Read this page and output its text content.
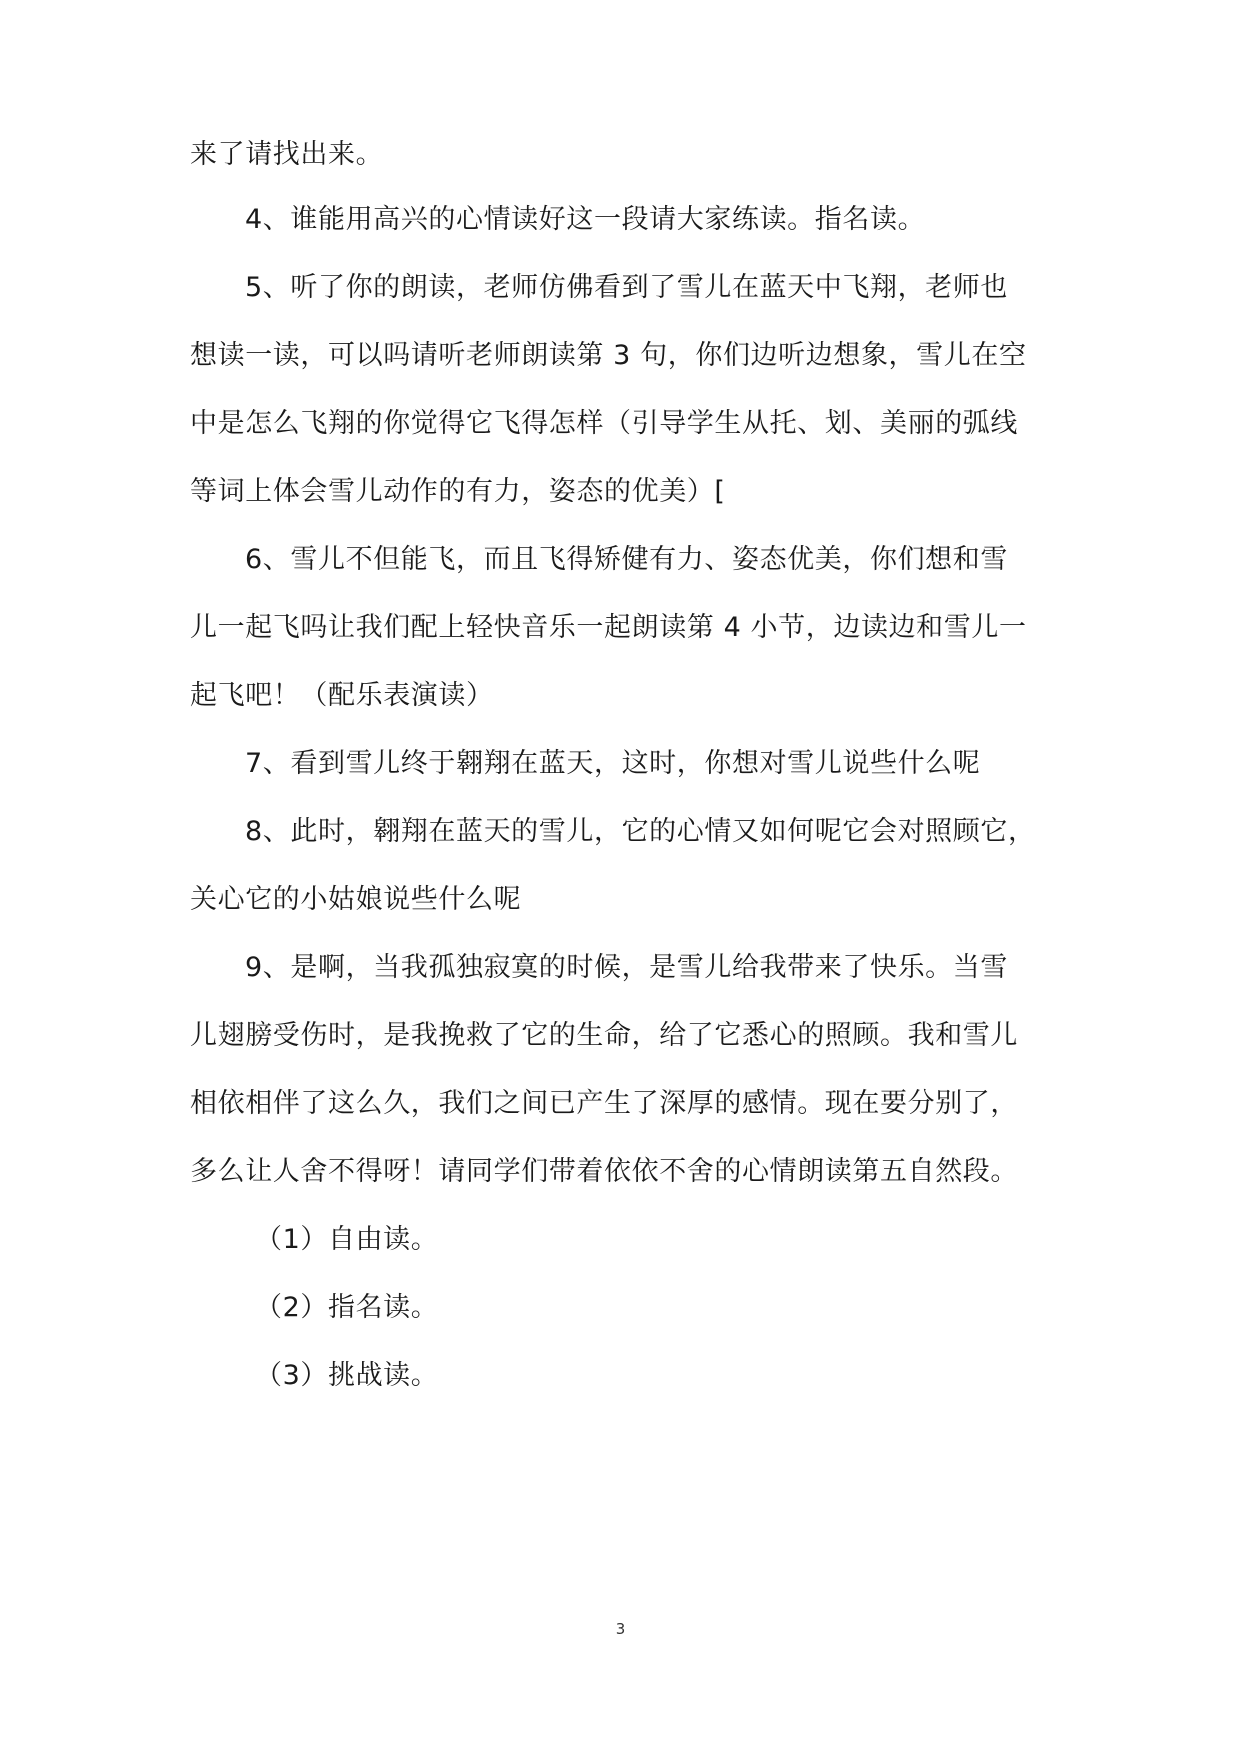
来了请找出来。
4、谁能用高兴的心情读好这一段请大家练读。指名读。
5、听了你的朗读，老师仿佛看到了雪儿在蓝天中飞翔，老师也
想读一读，可以吗请听老师朗读第 3 句，你们边听边想象，雪儿在空
中是怎么飞翔的你觉得它飞得怎样（引导学生从托、划、美丽的弧线
等词上体会雪儿动作的有力，姿态的优美）[
6、雪儿不但能飞，而且飞得矫健有力、姿态优美，你们想和雪
儿一起飞吗让我们配上轻快音乐一起朗读第 4 小节，边读边和雪儿一
起飞吧！（配乐表演读）
7、看到雪儿终于翱翔在蓝天，这时，你想对雪儿说些什么呢
8、此时，翱翔在蓝天的雪儿，它的心情又如何呢它会对照顾它，
关心它的小姑娘说些什么呢
9、是啊，当我孤独寂寞的时候，是雪儿给我带来了快乐。当雪
儿翅膀受伤时，是我挽救了它的生命，给了它悉心的照顾。我和雪儿
相依相伴了这么久，我们之间已产生了深厚的感情。现在要分别了，
多么让人舍不得呀！请同学们带着依依不舍的心情朗读第五自然段。
（1）自由读。
（2）指名读。
（3）挑战读。
3
